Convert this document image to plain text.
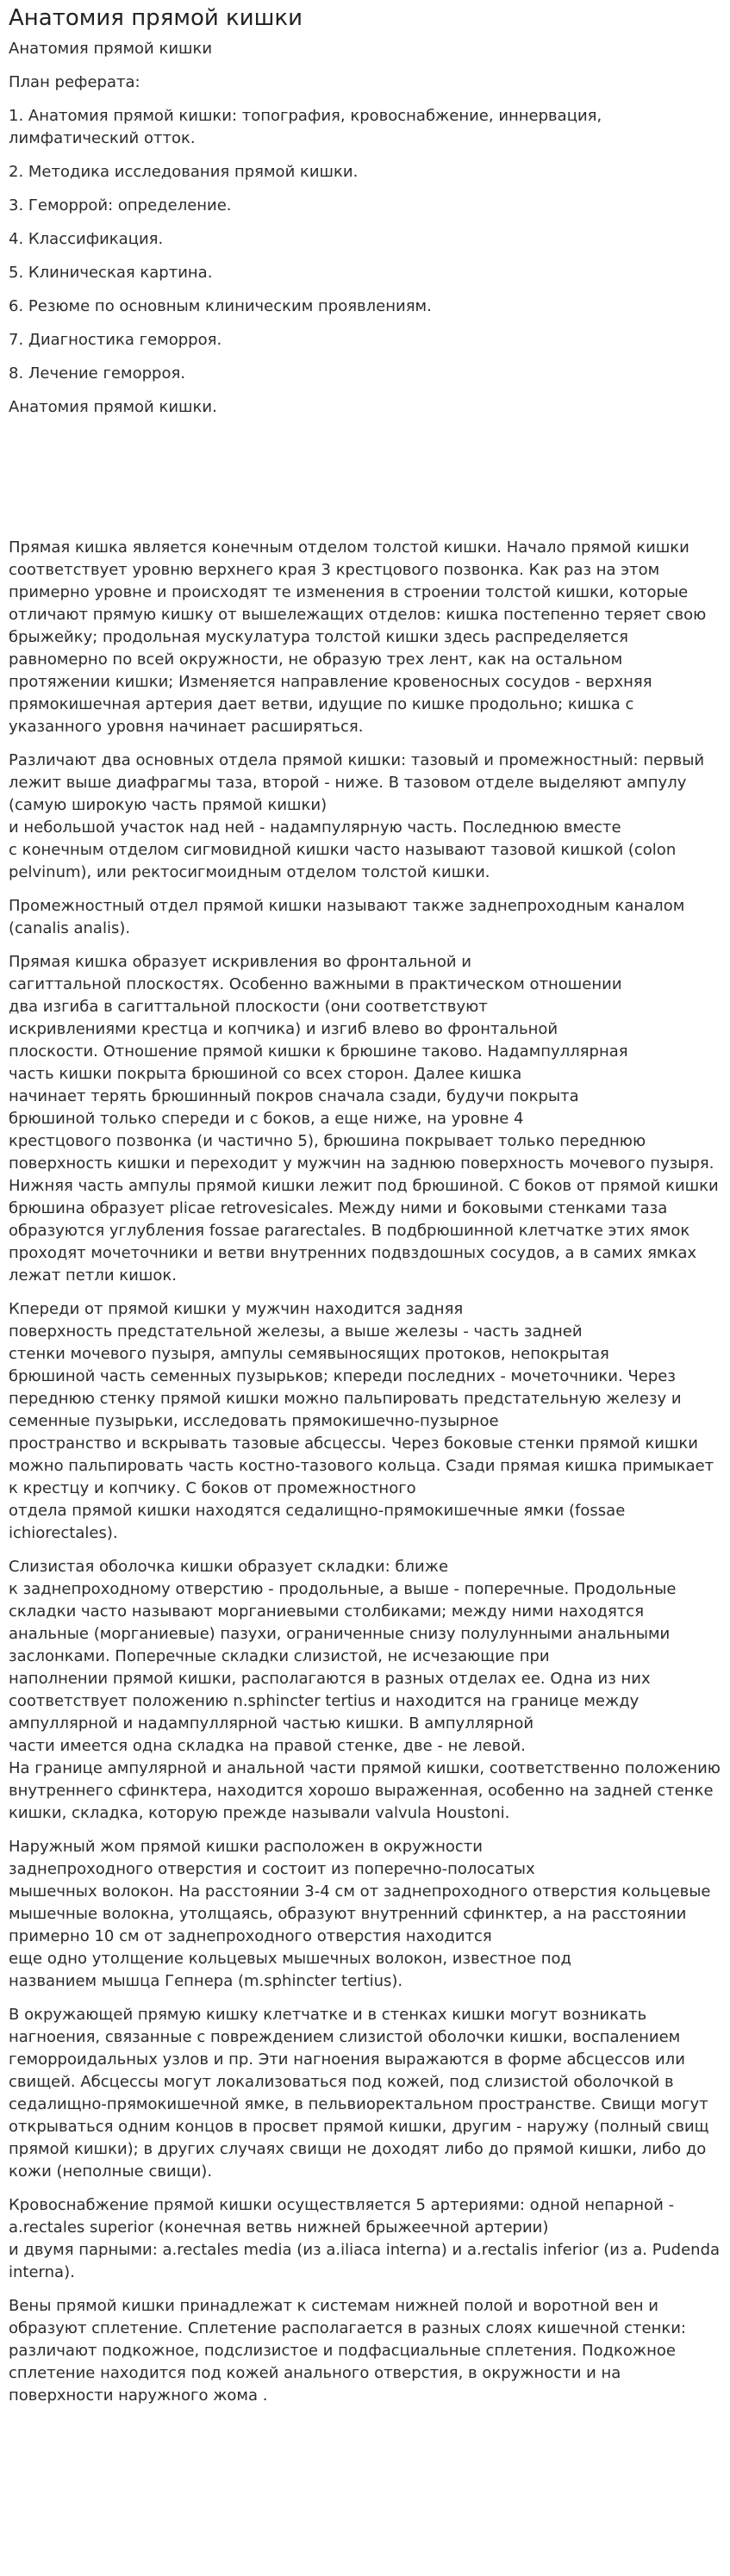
Анатомия прямой кишки
Анатомия прямой кишки
План реферата:
1. Анатомия прямой кишки: топография, кровоснабжение, иннервация, лимфатический отток.
2. Методика исследования прямой кишки.
3. Геморрой: определение.
4. Классификация.
5. Клиническая картина.
6. Резюме по основным клиническим проявлениям.
7. Диагностика геморроя.
8. Лечение геморроя.
Анатомия прямой кишки.

Прямая кишка является конечным отделом толстой кишки. Начало прямой кишки соответствует уровню верхнего края 3 крестцового позвонка. Как раз на этом примерно уровне и происходят те изменения в строении толстой кишки, которые отличают прямую кишку от вышележащих отделов: кишка постепенно теряет свою брыжейку; продольная мускулатура толстой кишки здесь распределяется равномерно по всей окружности, не образую трех лент, как на остальном протяжении кишки; Изменяется направление кровеносных сосудов - верхняя прямокишечная артерия дает ветви, идущие по кишке продольно; кишка с указанного уровня начинает расширяться.

Различают два основных отдела прямой кишки: тазовый и промежностный: первый лежит выше диафрагмы таза, второй - ниже. В тазовом отделе выделяют ампулу (самую широкую часть прямой кишки)
и небольшой участок над ней - надампулярную часть. Последнюю вместе
с конечным отделом сигмовидной кишки часто называют тазовой кишкой (colon pelvinum), или ректосигмоидным отделом толстой кишки.

Промежностный отдел прямой кишки называют также заднепроходным каналом (canalis analis).

Прямая кишка образует искривления во фронтальной и
сагиттальной плоскостях. Особенно важными в практическом отношении
два изгиба в сагиттальной плоскости (они соответствуют
искривлениями крестца и копчика) и изгиб влево во фронтальной
плоскости. Отношение прямой кишки к брюшине таково. Надампуллярная
часть кишки покрыта брюшиной со всех сторон. Далее кишка
начинает терять брюшинный покров сначала сзади, будучи покрыта
брюшиной только спереди и с боков, а еще ниже, на уровне 4
крестцового позвонка (и частично 5), брюшина покрывает только переднюю поверхность кишки и переходит у мужчин на заднюю поверхность мочевого пузыря. Нижняя часть ампулы прямой кишки лежит под брюшиной. С боков от прямой кишки брюшина образует plicae retrovesicales. Между ними и боковыми стенками таза образуются углубления fossae pararectales. В подбрюшинной клетчатке этих ямок проходят мочеточники и ветви внутренних подвздошных сосудов, а в самих ямках лежат петли кишок.

Кпереди от прямой кишки у мужчин находится задняя
поверхность предстательной железы, а выше железы - часть задней
стенки мочевого пузыря, ампулы семявыносящих протоков, непокрытая
брюшиной часть семенных пузырьков; кпереди последних - мочеточники. Через переднюю стенку прямой кишки можно пальпировать предстательную железу и семенные пузырьки, исследовать прямокишечно-пузырное
пространство и вскрывать тазовые абсцессы. Через боковые стенки прямой кишки можно пальпировать часть костно-тазового кольца. Сзади прямая кишка примыкает к крестцу и копчику. С боков от промежностного
отдела прямой кишки находятся седалищно-прямокишечные ямки (fossae ichiorectales).

Слизистая оболочка кишки образует складки: ближе
к заднепроходному отверстию - продольные, а выше - поперечные. Продольные складки часто называют морганиевыми столбиками; между ними находятся анальные (морганиевые) пазухи, ограниченные снизу полулунными анальными заслонками. Поперечные складки слизистой, не исчезающие при
наполнении прямой кишки, располагаются в разных отделах ее. Одна из них соответствует положению n.sphincter tertius и находится на границе между ампуллярной и надампуллярной частью кишки. В ампуллярной
части имеется одна складка на правой стенке, две - не левой.
На границе ампулярной и анальной части прямой кишки, соответственно положению внутреннего сфинктера, находится хорошо выраженная, особенно на задней стенке кишки, складка, которую прежде называли valvula Houstoni.

Наружный жом прямой кишки расположен в окружности
заднепроходного отверстия и состоит из поперечно-полосатых
мышечных волокон. На расстоянии 3-4 см от заднепроходного отверстия кольцевые мышечные волокна, утолщаясь, образуют внутренний сфинктер, а на расстоянии примерно 10 см от заднепроходного отверстия находится
еще одно утолщение кольцевых мышечных волокон, известное под
названием мышца Гепнера (m.sphincter tertius).

В окружающей прямую кишку клетчатке и в стенках кишки могут возникать нагноения, связанные с повреждением слизистой оболочки кишки, воспалением геморроидальных узлов и пр. Эти нагноения выражаются в форме абсцессов или свищей. Абсцессы могут локализоваться под кожей, под слизистой оболочкой в седалищно-прямокишечной ямке, в пельвиоректальном пространстве. Свищи могут открываться одним концов в просвет прямой кишки, другим - наружу (полный свищ прямой кишки); в других случаях свищи не доходят либо до прямой кишки, либо до кожи (неполные свищи).

Кровоснабжение прямой кишки осуществляется 5 артериями: одной непарной - a.rectales superior (конечная ветвь нижней брыжеечной артерии)
и двумя парными: a.rectales media (из a.iliaca interna) и a.rectalis inferior (из a. Pudenda interna).

Вены прямой кишки принадлежат к системам нижней полой и воротной вен и образуют сплетение. Сплетение располагается в разных слоях кишечной стенки: различают подкожное, подслизистое и подфасциальные сплетения. Подкожное сплетение находится под кожей анального отверстия, в окружности и на поверхности наружного жома .
